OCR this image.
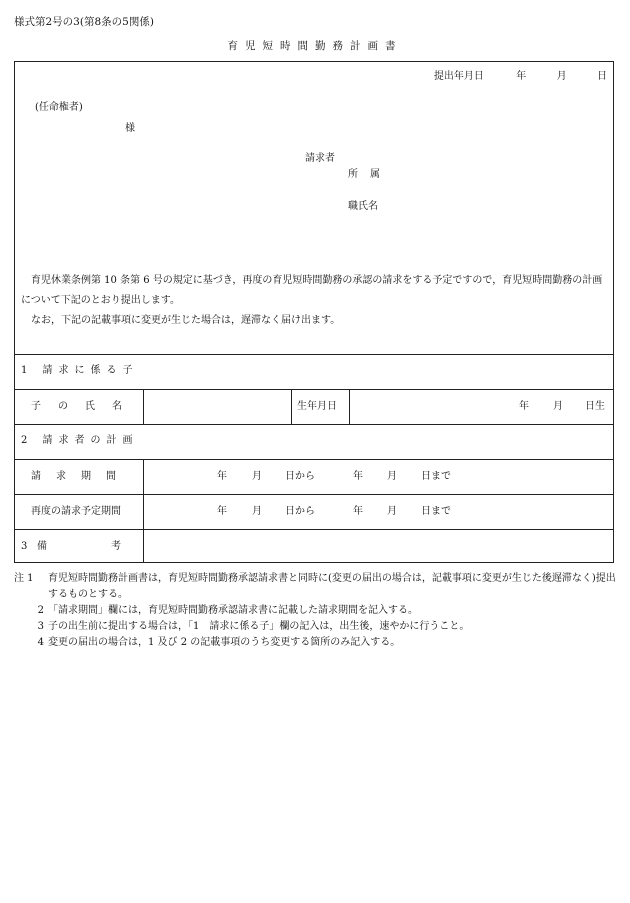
様式第2号の3(第8条の5関係)
育児短時間勤務計画書
提出年月日	年	月	日
(任命権者)
様
請求者
所属
職氏名

育児休業条例第 10 条第 6 号の規定に基づき，再度の育児短時間勤務の承認の請求をする予定ですので，育児短時間勤務の計画について下記のとおり提出します。

なお，下記の記載事項に変更が生じた場合は，遅滞なく届け出ます。

1 請求に係る子
子の氏名	生年月日	年 月 日生
2 請求者の計画
請求期間	年	月 日から	年 月 日まで
再度の請求予定期間	年	月 日から	年 月 日まで
3 備考
注 1	育児短時間勤務計画書は，育児短時間勤務承認請求書と同時に(変更の届出の場合は，記載事項に変更が生じた後遅滞なく)提出するものとする。
2 「請求期間」欄には，育児短時間勤務承認請求書に記載した請求期間を記入する。
3 子の出生前に提出する場合は，「1　請求に係る子」欄の記入は，出生後，速やかに行うこと。
4 変更の届出の場合は，1 及び 2 の記載事項のうち変更する箇所のみ記入する。
